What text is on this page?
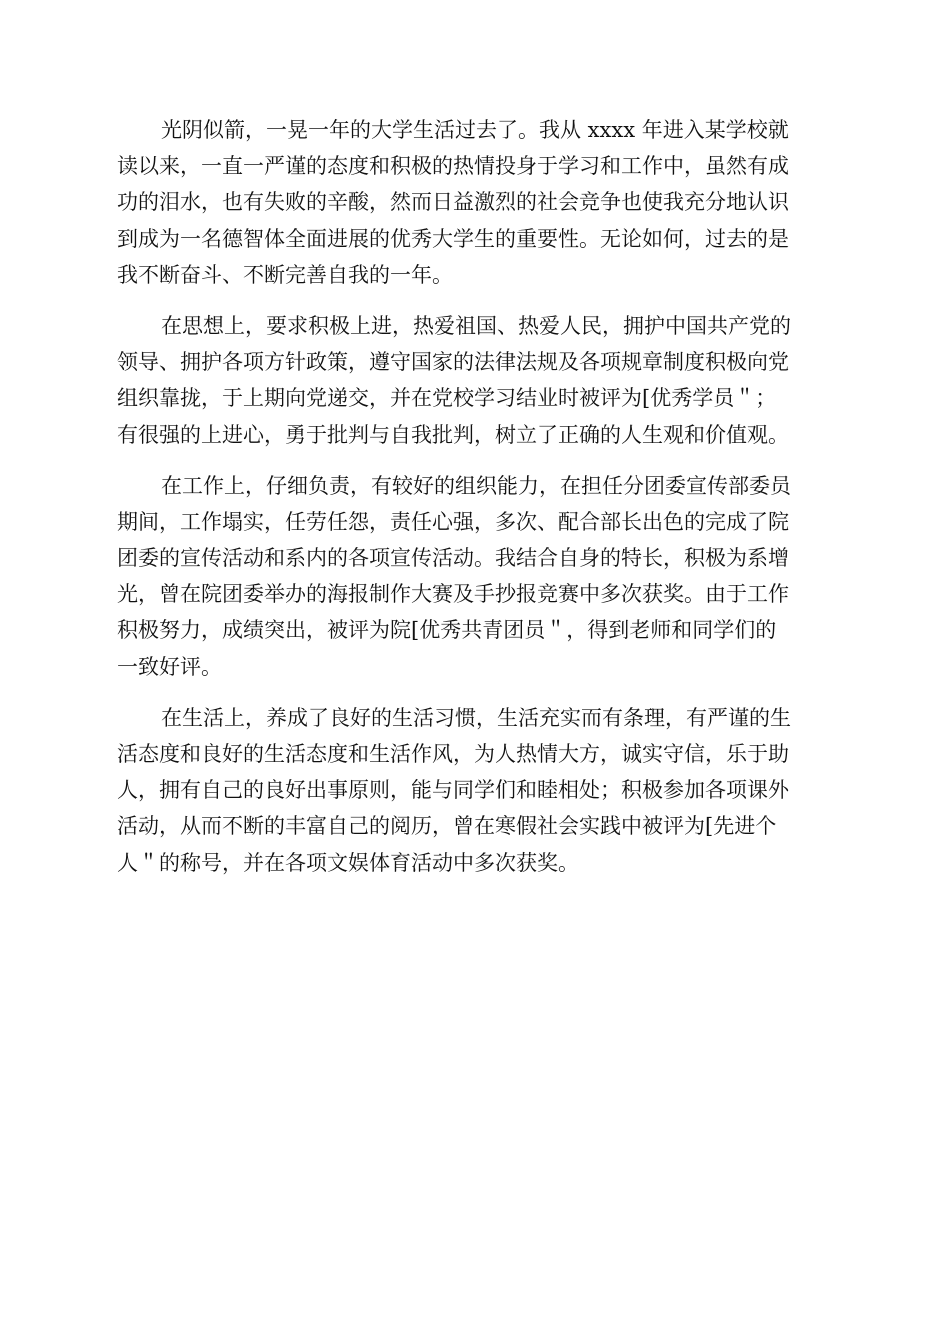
光阴似箭，一晃一年的大学生活过去了。我从 xxxx 年进入某学校就
读以来，一直一严谨的态度和积极的热情投身于学习和工作中，虽然有成
功的泪水，也有失败的辛酸，然而日益激烈的社会竞争也使我充分地认识
到成为一名德智体全面进展的优秀大学生的重要性。无论如何，过去的是
我不断奋斗、不断完善自我的一年。
在思想上，要求积极上进，热爱祖国、热爱人民，拥护中国共产党的
领导、拥护各项方针政策，遵守国家的法律法规及各项规章制度积极向党
组织靠拢，于上期向党递交，并在党校学习结业时被评为[优秀学员＂；
有很强的上进心，勇于批判与自我批判，树立了正确的人生观和价值观。
在工作上，仔细负责，有较好的组织能力，在担任分团委宣传部委员
期间，工作塌实，任劳任怨，责任心强，多次、配合部长出色的完成了院
团委的宣传活动和系内的各项宣传活动。我结合自身的特长，积极为系增
光，曾在院团委举办的海报制作大赛及手抄报竞赛中多次获奖。由于工作
积极努力，成绩突出，被评为院[优秀共青团员＂，得到老师和同学们的
一致好评。
在生活上，养成了良好的生活习惯，生活充实而有条理，有严谨的生
活态度和良好的生活态度和生活作风，为人热情大方，诚实守信，乐于助
人，拥有自己的良好出事原则，能与同学们和睦相处；积极参加各项课外
活动，从而不断的丰富自己的阅历，曾在寒假社会实践中被评为[先进个
人＂的称号，并在各项文娱体育活动中多次获奖。
